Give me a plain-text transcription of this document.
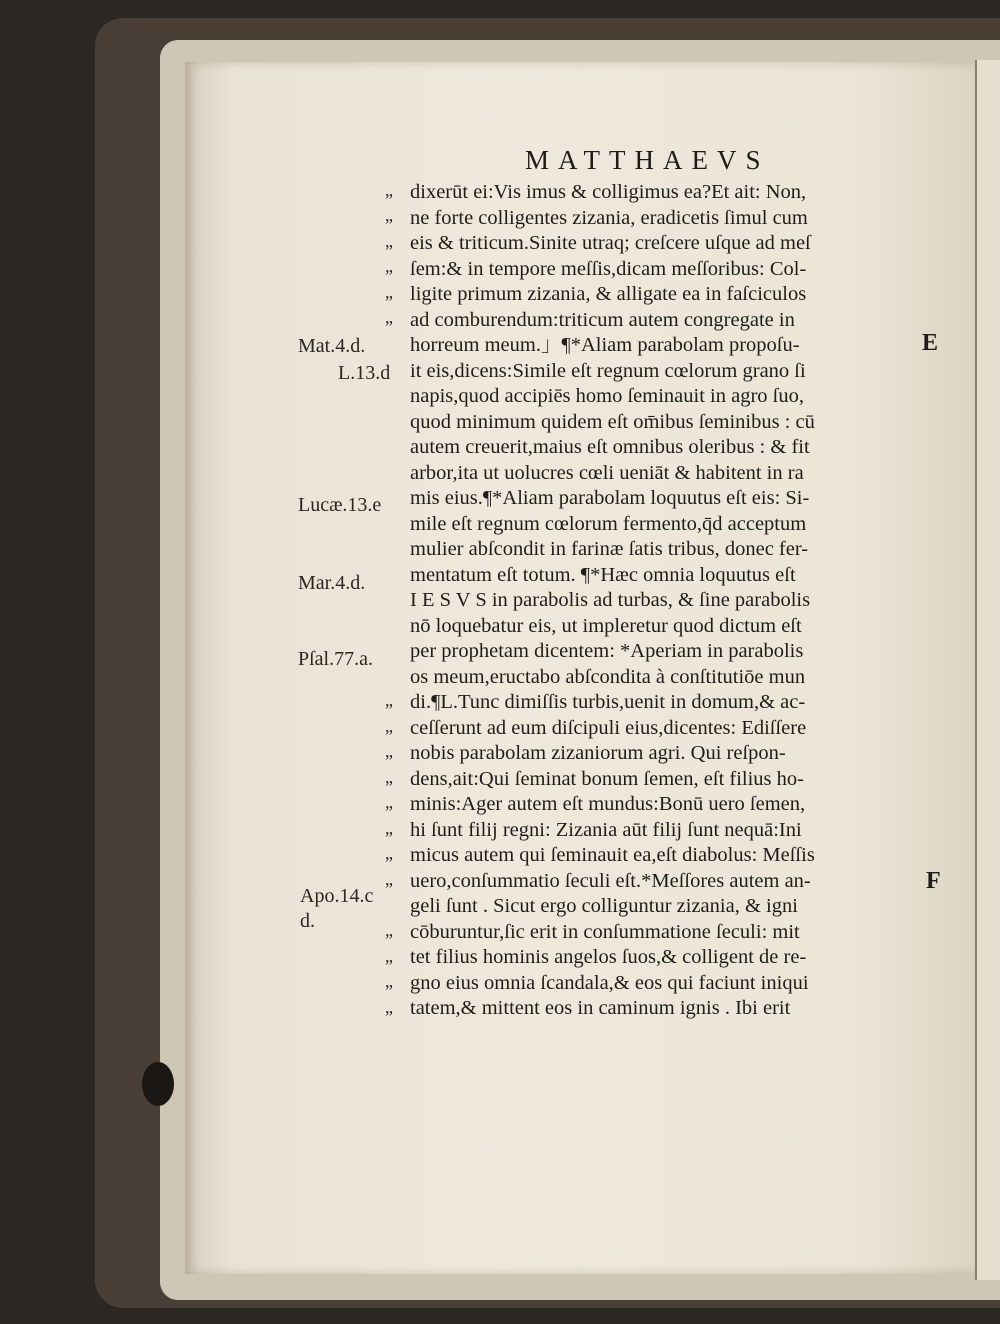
MATTHAEVS
dixerūt ei:Vis imus & colligimus ea?Et ait: Non,
ne forte colligentes zizania, eradicetis ſimul cum
eis & triticum.Sinite utraq; creſcere uſque ad meſ
ſem:& in tempore meſſis,dicam meſſoribus: Col-
ligite primum zizania, & alligate ea in faſciculos
ad comburendum:triticum autem congregate in
horreum meum.」¶*Aliam parabolam propoſu-
it eis,dicens:Simile eſt regnum cœlorum grano ſi
napis,quod accipiēs homo ſeminauit in agro ſuo,
quod minimum quidem eſt om̄ibus ſeminibus : cū
autem creuerit,maius eſt omnibus oleribus : & fit
arbor,ita ut uolucres cœli ueniāt & habitent in ra
mis eius.¶*Aliam parabolam loquutus eſt eis: Si-
mile eſt regnum cœlorum fermento,q̄d acceptum
mulier abſcondit in farinæ ſatis tribus, donec fer-
mentatum eſt totum. ¶*Hæc omnia loquutus eſt
I E S V S in parabolis ad turbas, & ſine parabolis
nō loquebatur eis, ut impleretur quod dictum eſt
per prophetam dicentem: *Aperiam in parabolis
os meum,eructabo abſcondita à conſtitutiōe mun
di.¶L.Tunc dimiſſis turbis,uenit in domum,& ac-
ceſſerunt ad eum diſcipuli eius,dicentes: Ediſſere
nobis parabolam zizaniorum agri. Qui reſpon-
dens,ait:Qui ſeminat bonum ſemen, eſt filius ho-
minis:Ager autem eſt mundus:Bonū uero ſemen,
hi ſunt filij regni: Zizania aūt filij ſunt nequā:Ini
micus autem qui ſeminauit ea,eſt diabolus: Meſſis
uero,conſummatio ſeculi eſt.*Meſſores autem an-
geli ſunt . Sicut ergo colliguntur zizania, & igni
cōburuntur,ſic erit in conſummatione ſeculi: mit
tet filius hominis angelos ſuos,& colligent de re-
gno eius omnia ſcandala,& eos qui faciunt iniqui
tatem,& mittent eos in caminum ignis . Ibi erit
Mat.4.d.
L.13.d
Lucæ.13.e
Mar.4.d.
Pſal.77.a.
Apo.14.c
d.
„
„
„
„
„
„
„
„
„
„
„
„
„
„
„
„
„
„
E
F
